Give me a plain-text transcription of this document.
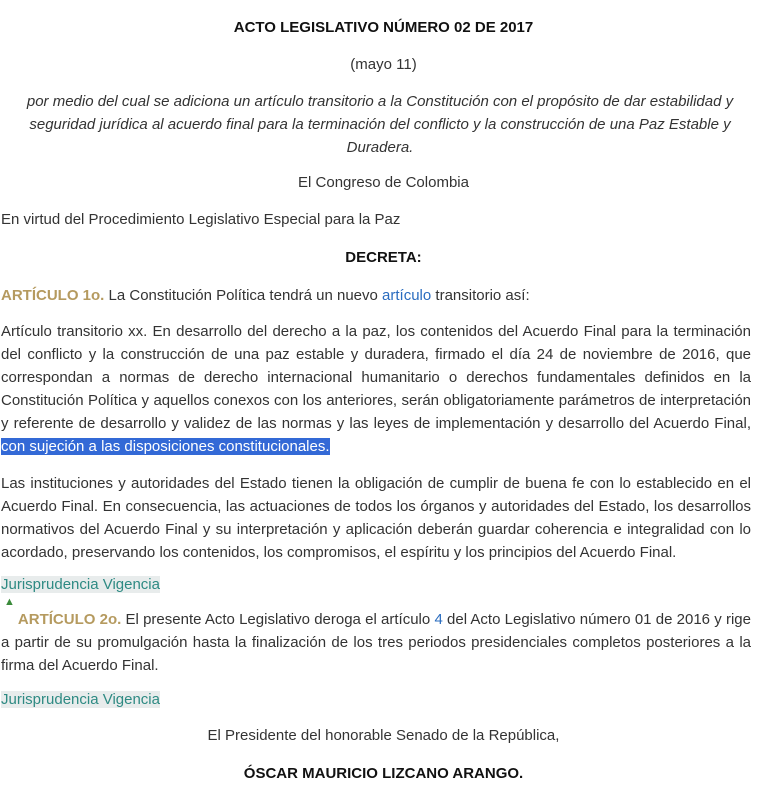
ACTO LEGISLATIVO NÚMERO 02 DE 2017

(mayo 11)

por medio del cual se adiciona un artículo transitorio a la Constitución con el propósito de dar estabilidad y seguridad jurídica al acuerdo final para la terminación del conflicto y la construcción de una Paz Estable y Duradera.

El Congreso de Colombia

En virtud del Procedimiento Legislativo Especial para la Paz

DECRETA:

ARTÍCULO 1o. La Constitución Política tendrá un nuevo artículo transitorio así:

Artículo transitorio xx. En desarrollo del derecho a la paz, los contenidos del Acuerdo Final para la terminación del conflicto y la construcción de una paz estable y duradera, firmado el día 24 de noviembre de 2016, que correspondan a normas de derecho internacional humanitario o derechos fundamentales definidos en la Constitución Política y aquellos conexos con los anteriores, serán obligatoriamente parámetros de interpretación y referente de desarrollo y validez de las normas y las leyes de implementación y desarrollo del Acuerdo Final, con sujeción a las disposiciones constitucionales.

Las instituciones y autoridades del Estado tienen la obligación de cumplir de buena fe con lo establecido en el Acuerdo Final. En consecuencia, las actuaciones de todos los órganos y autoridades del Estado, los desarrollos normativos del Acuerdo Final y su interpretación y aplicación deberán guardar coherencia e integralidad con lo acordado, preservando los contenidos, los compromisos, el espíritu y los principios del Acuerdo Final.

Jurisprudencia Vigencia

▲

ARTÍCULO 2o. El presente Acto Legislativo deroga el artículo 4 del Acto Legislativo número 01 de 2016 y rige a partir de su promulgación hasta la finalización de los tres periodos presidenciales completos posteriores a la firma del Acuerdo Final.

Jurisprudencia Vigencia

El Presidente del honorable Senado de la República,

ÓSCAR MAURICIO LIZCANO ARANGO.
